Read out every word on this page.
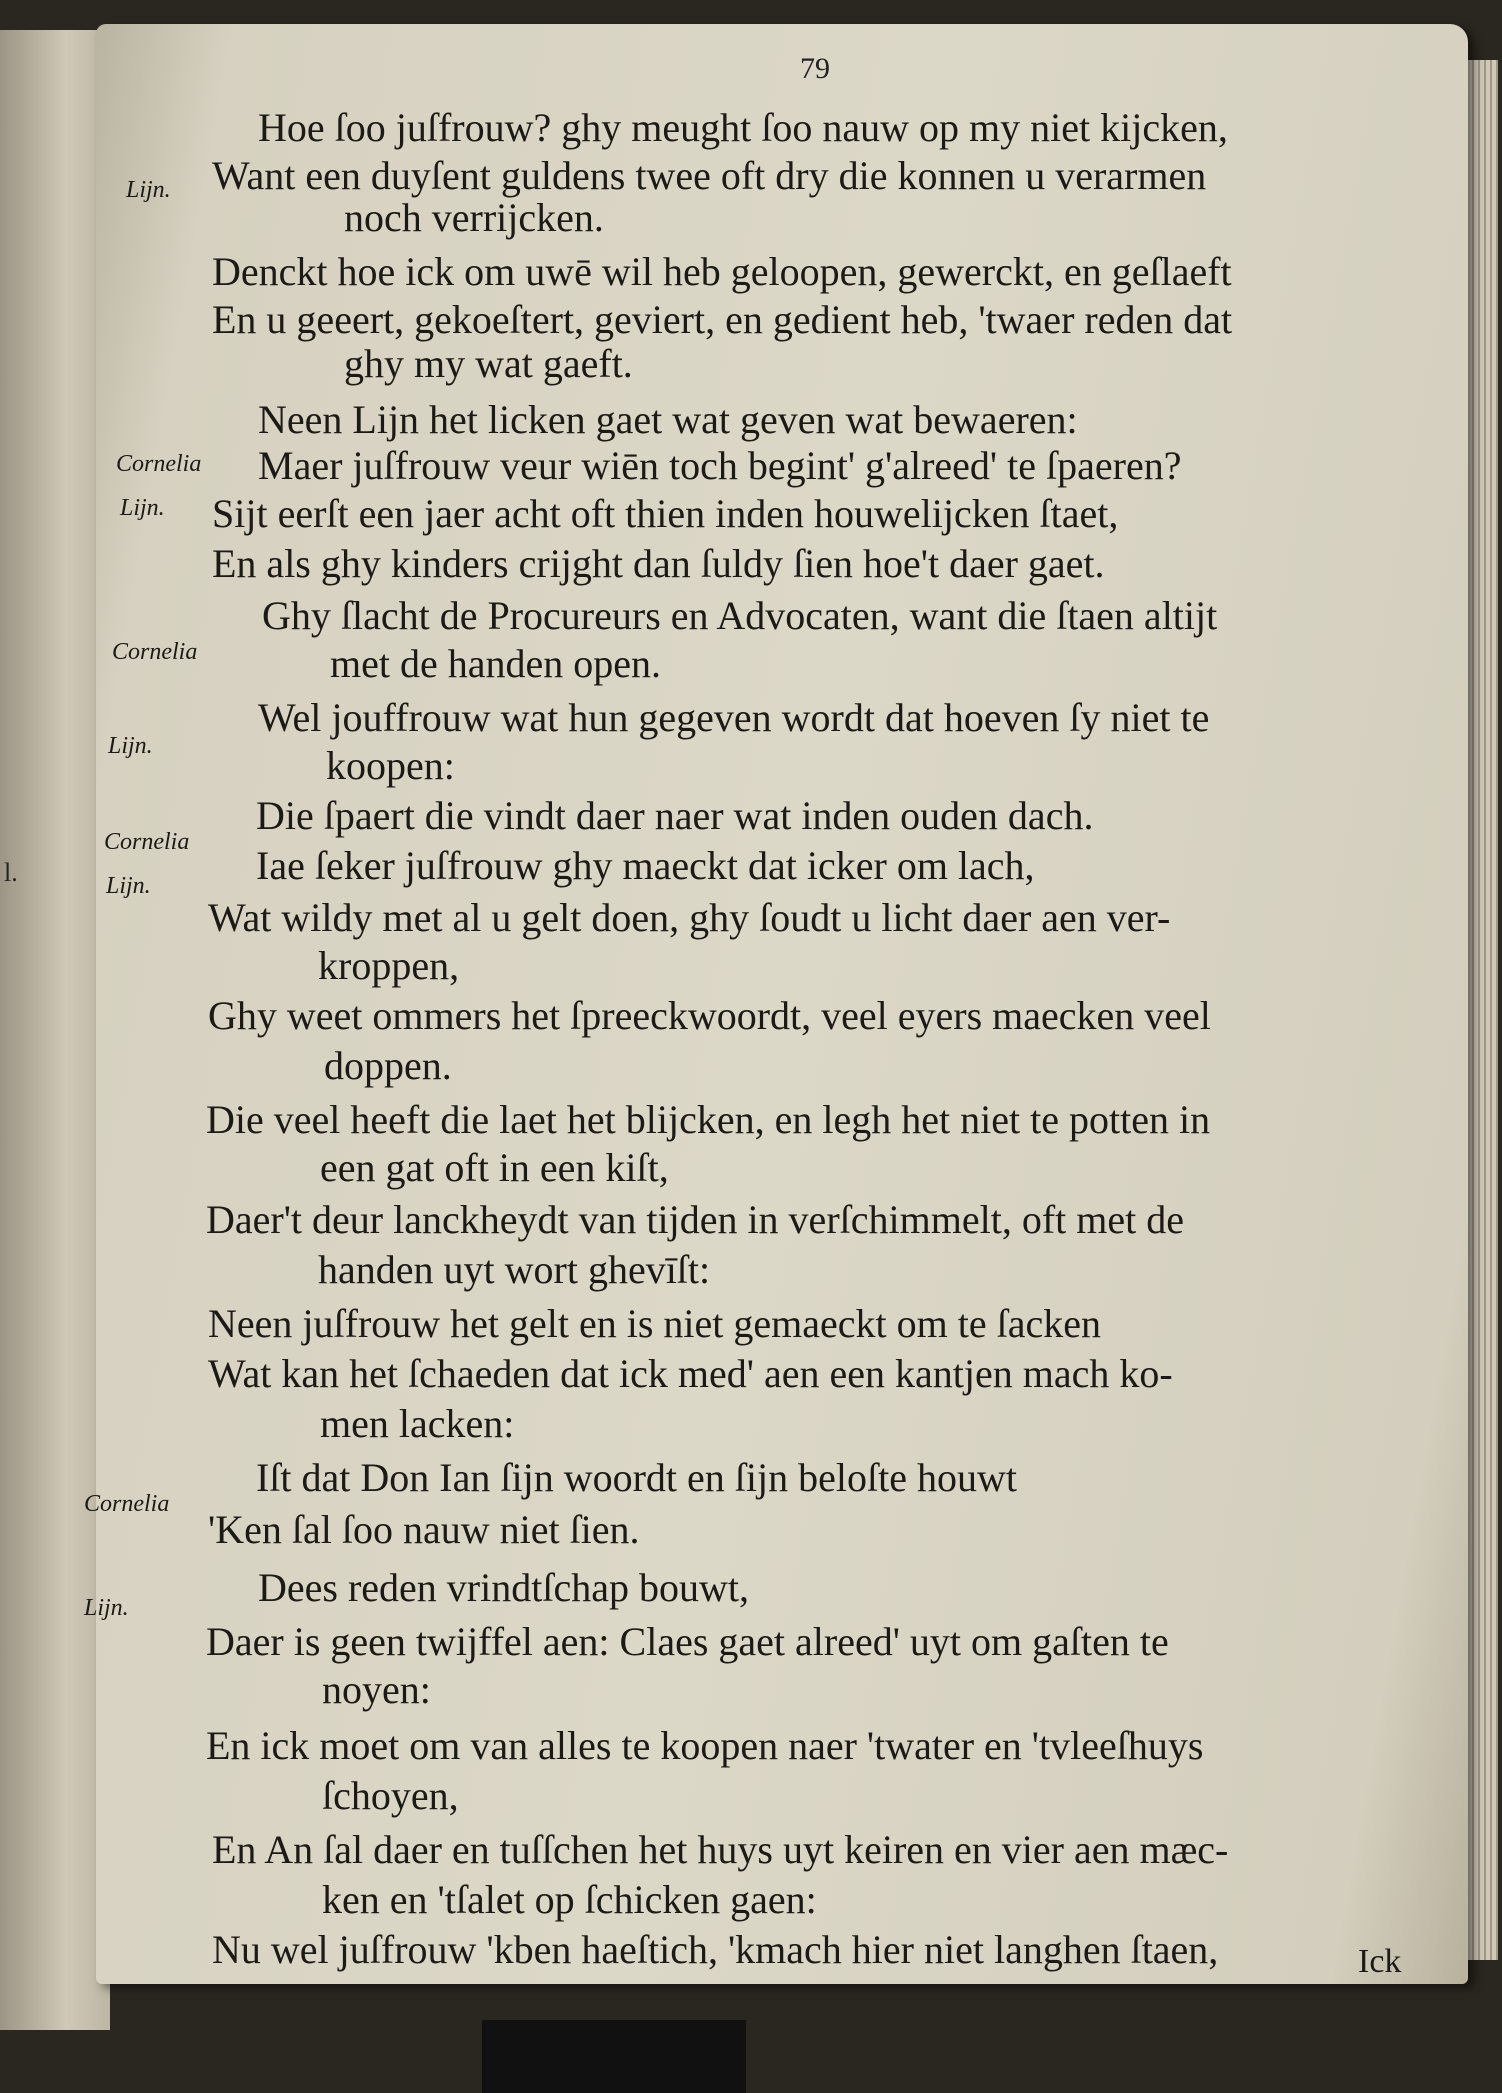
l.
79
Lijn.
Cornelia
Lijn.
Cornelia
Lijn.
Cornelia
Lijn.
Cornelia
Lijn.
Hoe ſoo juſfrouw? ghy meught ſoo nauw op my niet kijcken,
Want een duyſent guldens twee oft dry die konnen u verarmen
noch verrijcken.
Denckt hoe ick om uwē wil heb geloopen, gewerckt, en geſlaeft
En u geeert, gekoeſtert, geviert, en gedient heb, 'twaer reden dat
ghy my wat gaeft.
Neen Lijn het licken gaet wat geven wat bewaeren:
Maer juſfrouw veur wiēn toch begint' g'alreed' te ſpaeren?
Sijt eerſt een jaer acht oft thien inden houwelijcken ſtaet,
En als ghy kinders crijght dan ſuldy ſien hoe't daer gaet.
Ghy ſlacht de Procureurs en Advocaten, want die ſtaen altijt
met de handen open.
Wel jouffrouw wat hun gegeven wordt dat hoeven ſy niet te
koopen:
Die ſpaert die vindt daer naer wat inden ouden dach.
Iae ſeker juſfrouw ghy maeckt dat icker om lach,
Wat wildy met al u gelt doen, ghy ſoudt u licht daer aen ver-
kroppen,
Ghy weet ommers het ſpreeckwoordt, veel eyers maecken veel
doppen.
Die veel heeft die laet het blijcken, en legh het niet te potten in
een gat oft in een kiſt,
Daer't deur lanckheydt van tijden in verſchimmelt, oft met de
handen uyt wort ghevīſt:
Neen juſfrouw het gelt en is niet gemaeckt om te ſacken
Wat kan het ſchaeden dat ick med' aen een kantjen mach ko-
men lacken:
Iſt dat Don Ian ſijn woordt en ſijn beloſte houwt
'Ken ſal ſoo nauw niet ſien.
Dees reden vrindtſchap bouwt,
Daer is geen twijffel aen: Claes gaet alreed' uyt om gaſten te
noyen:
En ick moet om van alles te koopen naer 'twater en 'tvleeſhuys
ſchoyen,
En An ſal daer en tuſſchen het huys uyt keiren en vier aen mæc-
ken en 'tſalet op ſchicken gaen:
Nu wel juſfrouw 'kben haeſtich, 'kmach hier niet langhen ſtaen,	Ick
